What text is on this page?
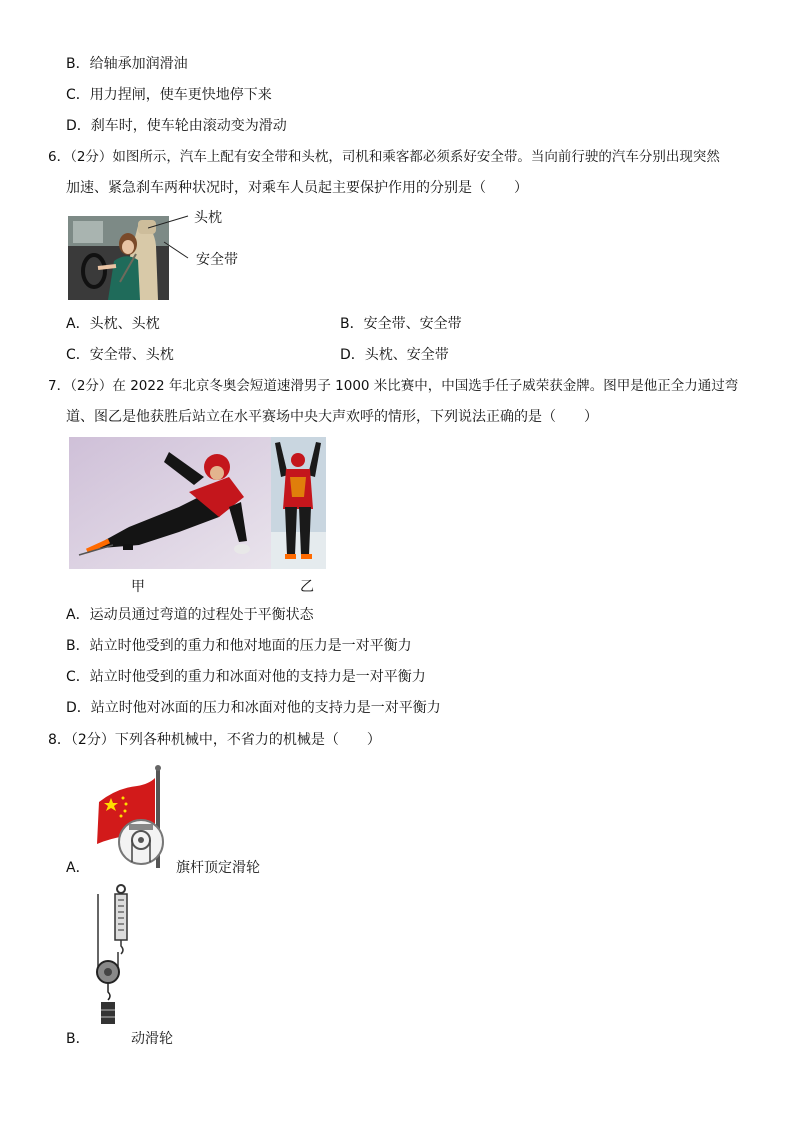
B．给轴承加润滑油
C．用力捏闸，使车更快地停下来
D．刹车时，使车轮由滚动变为滑动
6．（2分）如图所示，汽车上配有安全带和头枕，司机和乘客都必须系好安全带。当向前行驶的汽车分别出现突然
加速、紧急刹车两种状况时，对乘车人员起主要保护作用的分别是（　　）
头枕
安全带
A．头枕、头枕	B．安全带、安全带
C．安全带、头枕	D．头枕、安全带
7．（2分）在 2022 年北京冬奥会短道速滑男子 1000 米比赛中，中国选手任子威荣获金牌。图甲是他正全力通过弯
道、图乙是他获胜后站立在水平赛场中央大声欢呼的情形，下列说法正确的是（　　）
甲	乙
A．运动员通过弯道的过程处于平衡状态
B．站立时他受到的重力和他对地面的压力是一对平衡力
C．站立时他受到的重力和冰面对他的支持力是一对平衡力
D．站立时他对冰面的压力和冰面对他的支持力是一对平衡力
8．（2分）下列各种机械中，不省力的机械是（　　）
A．	旗杆顶定滑轮
B．	动滑轮
